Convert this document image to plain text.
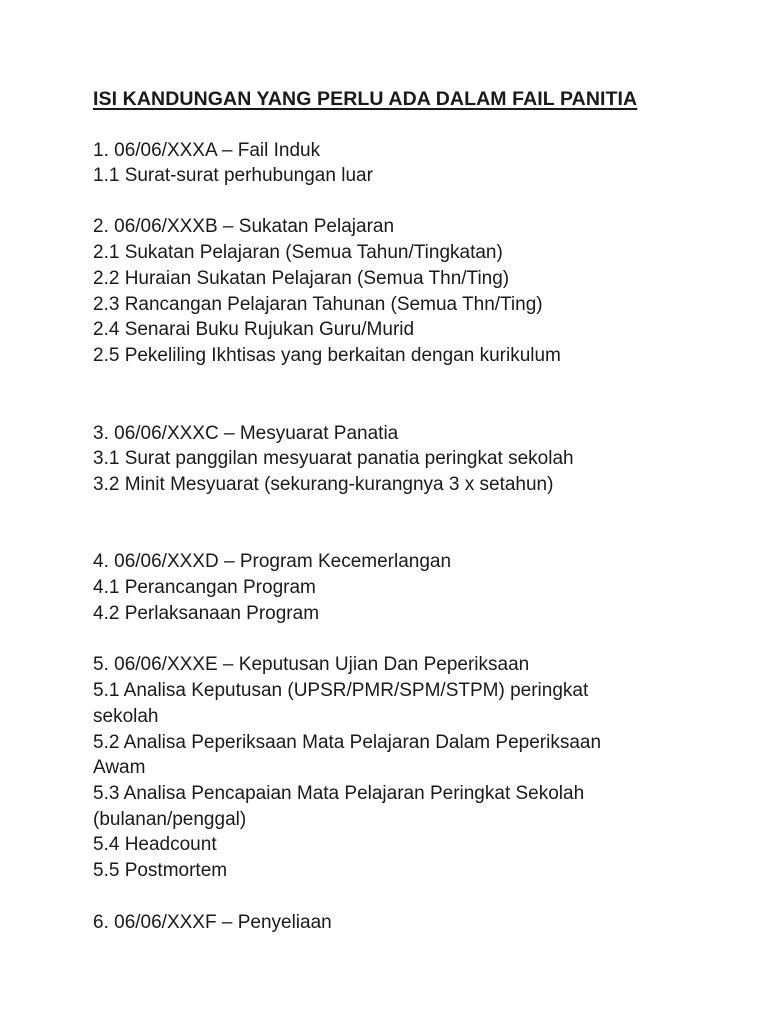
ISI KANDUNGAN YANG PERLU ADA DALAM FAIL PANITIA
1. 06/06/XXXA – Fail Induk
1.1 Surat-surat perhubungan luar
2. 06/06/XXXB – Sukatan Pelajaran
2.1 Sukatan Pelajaran (Semua Tahun/Tingkatan)
2.2 Huraian Sukatan Pelajaran (Semua Thn/Ting)
2.3 Rancangan Pelajaran Tahunan (Semua Thn/Ting)
2.4 Senarai Buku Rujukan Guru/Murid
2.5 Pekeliling Ikhtisas yang berkaitan dengan kurikulum
3. 06/06/XXXC – Mesyuarat Panatia
3.1 Surat panggilan mesyuarat panatia peringkat sekolah
3.2 Minit Mesyuarat (sekurang-kurangnya 3 x setahun)
4. 06/06/XXXD – Program Kecemerlangan
4.1 Perancangan Program
4.2 Perlaksanaan Program
5. 06/06/XXXE – Keputusan Ujian Dan Peperiksaan
5.1 Analisa Keputusan (UPSR/PMR/SPM/STPM) peringkat
sekolah
5.2 Analisa Peperiksaan Mata Pelajaran Dalam Peperiksaan
Awam
5.3 Analisa Pencapaian Mata Pelajaran Peringkat Sekolah
(bulanan/penggal)
5.4 Headcount
5.5 Postmortem
6. 06/06/XXXF – Penyeliaan
